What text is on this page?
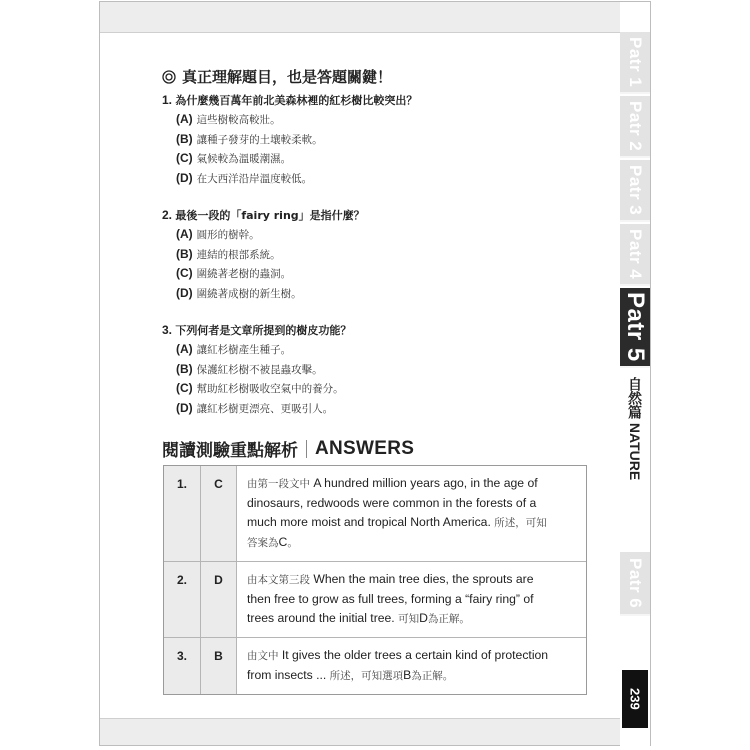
真正理解題目，也是答題關鍵！
1. 為什麼幾百萬年前北美森林裡的紅杉樹比較突出？
(A) 這些樹較高較壯。
(B) 讓種子發芽的土壤較柔軟。
(C) 氣候較為溫暖潮濕。
(D) 在大西洋沿岸溫度較低。
2. 最後一段的「fairy ring」是指什麼？
(A) 圓形的樹幹。
(B) 連結的根部系統。
(C) 圍繞著老樹的蟲洞。
(D) 圍繞著成樹的新生樹。
3. 下列何者是文章所提到的樹皮功能？
(A) 讓紅杉樹產生種子。
(B) 保護紅杉樹不被昆蟲攻擊。
(C) 幫助紅杉樹吸收空氣中的養分。
(D) 讓紅杉樹更漂亮、更吸引人。
閱讀測驗重點解析 ANSWERS
1.	C	由第一段文中 A hundred million years ago, in the age of
dinosaurs, redwoods were common in the forests of a
much more moist and tropical North America. 所述，可知
答案為C。
2.	D	由本文第三段 When the main tree dies, the sprouts are
then free to grow as full trees, forming a “fairy ring” of
trees around the initial tree. 可知D為正解。
3.	B	由文中 It gives the older trees a certain kind of protection
from insects ... 所述，可知選項B為正解。
自然篇 NATURE
239
Patr 1
Patr 2
Patr 3
Patr 4
Patr 5
Patr 6
